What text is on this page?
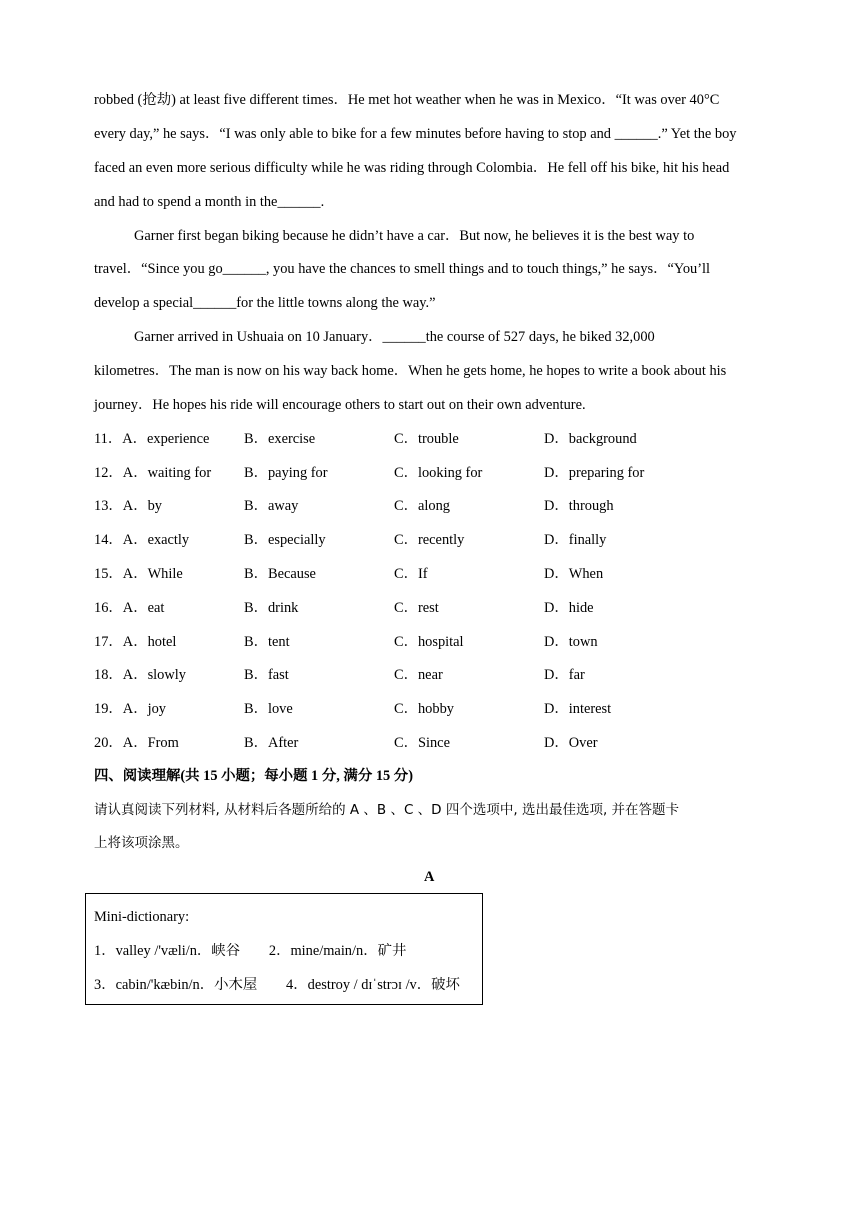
robbed (抢劫) at least five different times．He met hot weather when he was in Mexico．“It was over 40°C
every day,” he says．“I was only able to bike for a few minutes before having to stop and ______.” Yet the boy
faced an even more serious difficulty while he was riding through Colombia．He fell off his bike, hit his head
and had to spend a month in the______.
Garner first began biking because he didn’t have a car．But now, he believes it is the best way to
travel．“Since you go______, you have the chances to smell things and to touch things,” he says．“You’ll
develop a special______for the little towns along the way.”
Garner arrived in Ushuaia on 10 January．______the course of 527 days, he biked 32,000
kilometres．The man is now on his way back home．When he gets home, he hopes to write a book about his
journey．He hopes his ride will encourage others to start out on their own adventure.
11．A．experience B．exercise	C．trouble	D．background
12．A．waiting for B．paying for	C．looking for	D．preparing for
13．A．by	B．away	C．along	D．through
14．A．exactly	B．especially	C．recently	D．finally
15．A．While	B．Because	C．If	D．When
16．A．eat	B．drink	C．rest	D．hide
17．A．hotel	B．tent	C．hospital	D．town
18．A．slowly	B．fast	C．near	D．far
19．A．joy	B．love	C．hobby	D．interest
20．A．From	B．After	C．Since	D．Over
四、阅读理解(共 15 小题；每小题 1 分, 满分 15 分)
请认真阅读下列材料, 从材料后各题所给的 A 、B 、C 、D 四个选项中, 选出最佳选项, 并在答题卡
上将该项涂黑。
A
Mini-dictionary:
1．valley /'væli/n．峡谷　　2．mine/main/n．矿井
3．cabin/'kæbin/n．小木屋　　4．destroy / dɪˈstrɔɪ /v．破坏
